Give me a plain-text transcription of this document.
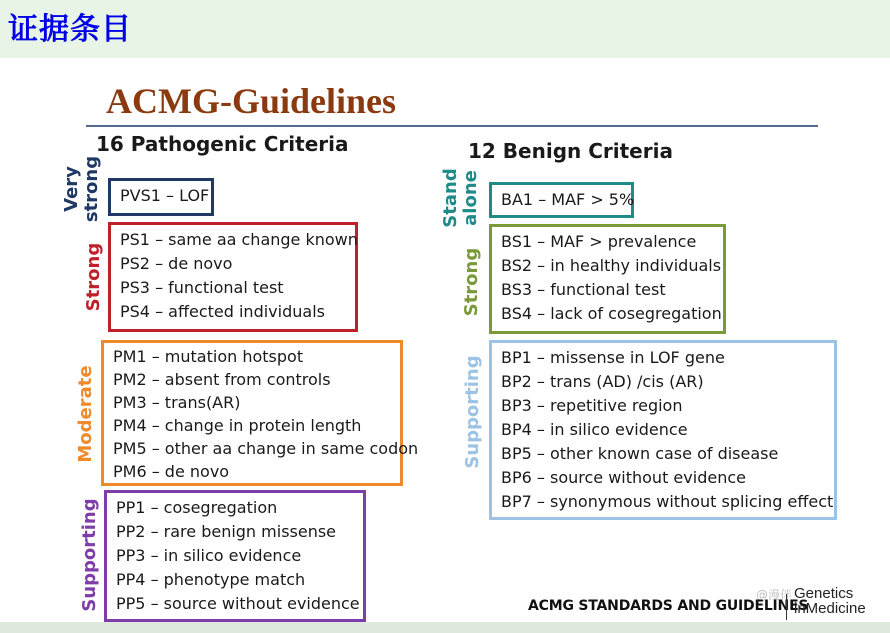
证据条目
ACMG-Guidelines
16 Pathogenic Criteria	12 Benign Criteria
Very strong PVS1 – LOF
Strong
PS1 – same aa change known
PS2 – de novo
PS3 – functional test
PS4 – affected individuals
Moderate
PM1 – mutation hotspot
PM2 – absent from controls
PM3 – trans(AR)
PM4 – change in protein length
PM5 – other aa change in same codon
PM6 – de novo
Supporting PP1 – cosegregation
PP2 – rare benign missense
PP3 – in silico evidence
PP4 – phenotype match
PP5 – source without evidence
Stand alone BA1 – MAF > 5%
Strong
BS1 – MAF > prevalence
BS2 – in healthy individuals
BS3 – functional test
BS4 – lack of cosegregation
Supporting BP1 – missense in LOF gene
BP2 – trans (AD) /cis (AR)
BP3 – repetitive region
BP4 – in silico evidence
BP5 – other known case of disease
BP6 – source without evidence
BP7 – synonymous without splicing effect
@漫伴
ACMG STANDARDS AND GUIDELINES
Genetics
inMedicine
